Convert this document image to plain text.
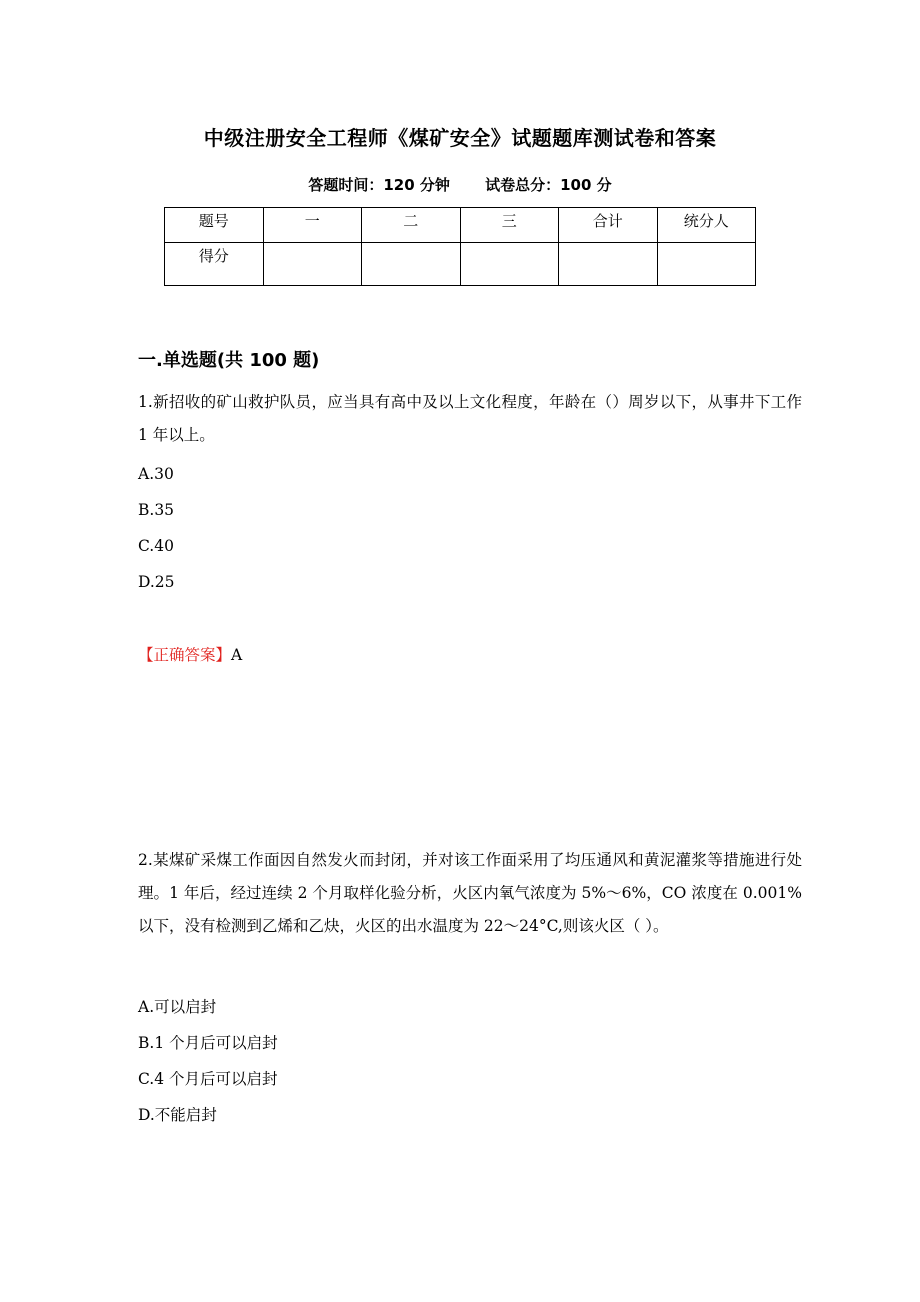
中级注册安全工程师《煤矿安全》试题题库测试卷和答案
答题时间：120 分钟 试卷总分：100 分
题号	一	二	三	合计	统分人
得分					
一.单选题(共 100 题)

1.新招收的矿山救护队员，应当具有高中及以上文化程度，年龄在（）周岁以下，从事井下工作 1 年以上。

A.30
B.35
C.40
D.25
【正确答案】A

2.某煤矿采煤工作面因自然发火而封闭，并对该工作面采用了均压通风和黄泥灌浆等措施进行处理。1 年后，经过连续 2 个月取样化验分析，火区内氧气浓度为 5%～6%，CO 浓度在 0.001%以下，没有检测到乙烯和乙炔，火区的出水温度为 22～24°C,则该火区（ ）。

A.可以启封
B.1 个月后可以启封
C.4 个月后可以启封
D.不能启封
